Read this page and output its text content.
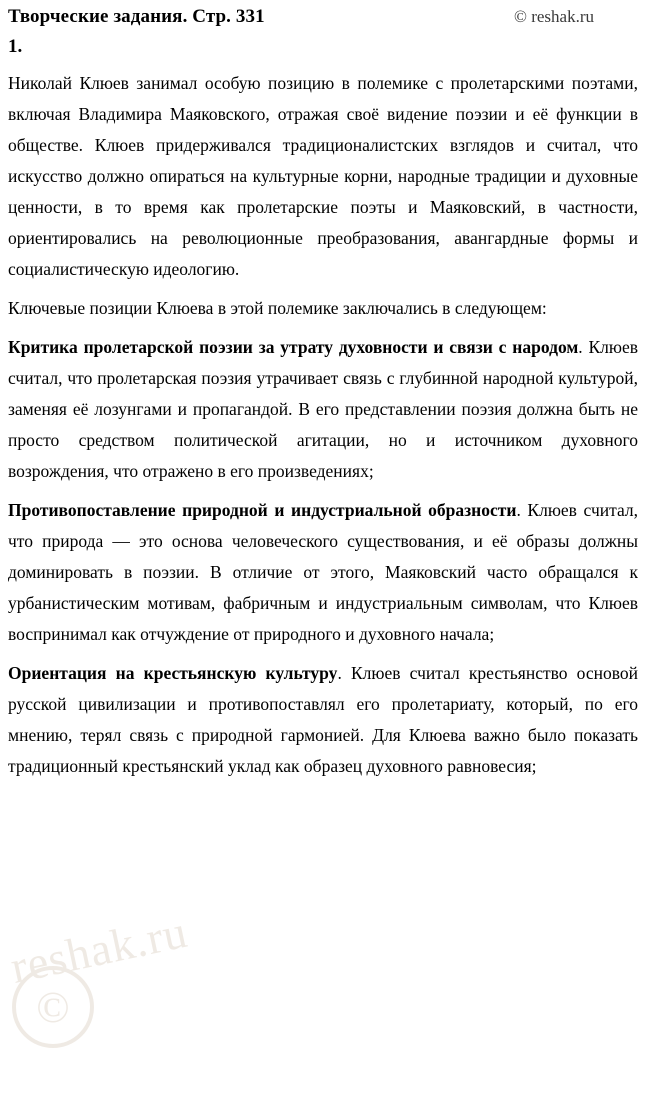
Творческие задания. Стр. 331	© reshak.ru
1.

Николай Клюев занимал особую позицию в полемике с пролетарскими поэтами, включая Владимира Маяковского, отражая своё видение поэзии и её функции в обществе. Клюев придерживался традиционалистских взглядов и считал, что искусство должно опираться на культурные корни, народные традиции и духовные ценности, в то время как пролетарские поэты и Маяковский, в частности, ориентировались на революционные преобразования, авангардные формы и социалистическую идеологию.

Ключевые позиции Клюева в этой полемике заключались в следующем:

Критика пролетарской поэзии за утрату духовности и связи с народом. Клюев считал, что пролетарская поэзия утрачивает связь с глубинной народной культурой, заменяя её лозунгами и пропагандой. В его представлении поэзия должна быть не просто средством политической агитации, но и источником духовного возрождения, что отражено в его произведениях;

Противопоставление природной и индустриальной образности. Клюев считал, что природа — это основа человеческого существования, и её образы должны доминировать в поэзии. В отличие от этого, Маяковский часто обращался к урбанистическим мотивам, фабричным и индустриальным символам, что Клюев воспринимал как отчуждение от природного и духовного начала;

Ориентация на крестьянскую культуру. Клюев считал крестьянство основой русской цивилизации и противопоставлял его пролетариату, который, по его мнению, терял связь с природной гармонией. Для Клюева важно было показать традиционный крестьянский уклад как образец духовного равновесия;

reshak.ru
©
